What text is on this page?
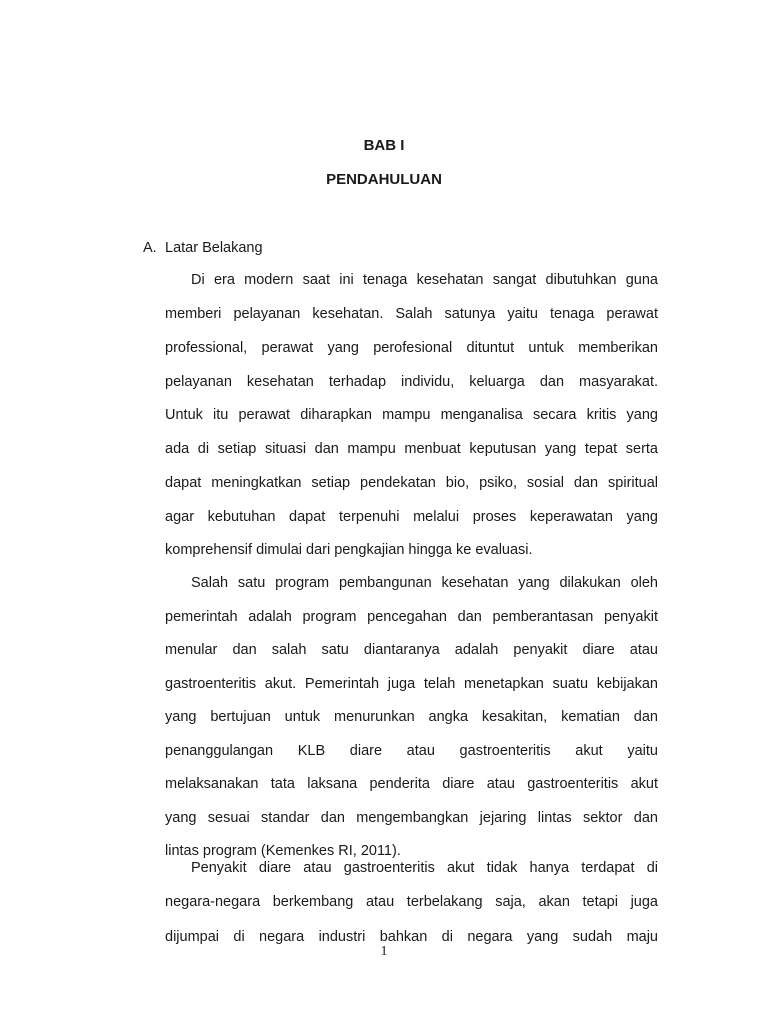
BAB I
PENDAHULUAN
A. Latar Belakang
Di era modern saat ini tenaga kesehatan sangat dibutuhkan guna
memberi pelayanan kesehatan. Salah satunya yaitu tenaga perawat
professional, perawat yang perofesional dituntut untuk memberikan
pelayanan kesehatan terhadap individu, keluarga dan masyarakat.
Untuk itu perawat diharapkan mampu menganalisa secara kritis yang
ada di setiap situasi dan mampu menbuat keputusan yang tepat serta
dapat meningkatkan setiap pendekatan bio, psiko, sosial dan spiritual
agar kebutuhan dapat terpenuhi melalui proses keperawatan yang
komprehensif dimulai dari pengkajian hingga ke evaluasi.
Salah satu program pembangunan kesehatan yang dilakukan oleh
pemerintah adalah program pencegahan dan pemberantasan penyakit
menular dan salah satu diantaranya adalah penyakit diare atau
gastroenteritis akut. Pemerintah juga telah menetapkan suatu kebijakan
yang bertujuan untuk menurunkan angka kesakitan, kematian dan
penanggulangan KLB diare atau gastroenteritis akut yaitu
melaksanakan tata laksana penderita diare atau gastroenteritis akut
yang sesuai standar dan mengembangkan jejaring lintas sektor dan
lintas program (Kemenkes RI, 2011).
Penyakit diare atau gastroenteritis akut tidak hanya terdapat di
negara-negara berkembang atau terbelakang saja, akan tetapi juga
dijumpai di negara industri bahkan di negara yang sudah maju
1
